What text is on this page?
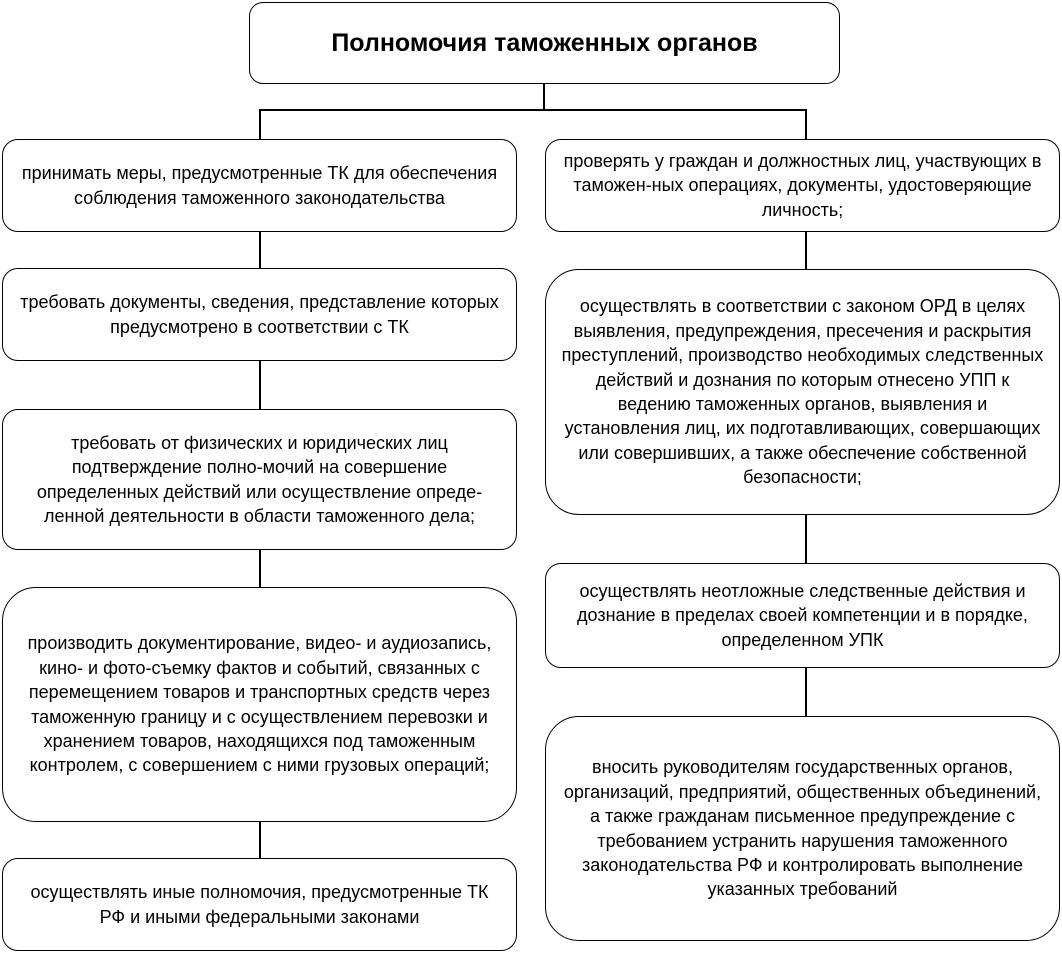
Полномочия таможенных органов
принимать меры, предусмотренные ТК для обеспечения соблюдения таможенного законодательства
требовать документы, сведения, представление которых предусмотрено в соответствии с ТК
требовать от физических и юридических лиц подтверждение полно-мочий на совершение определенных действий или осуществление опреде-ленной деятельности в области таможенного дела;
производить документирование, видео- и аудиозапись, кино- и фото-съемку фактов и событий, связанных с перемещением товаров и транспортных средств через таможенную границу и с осуществлением перевозки и хранением товаров, находящихся под таможенным контролем, с совершением с ними грузовых операций;
осуществлять иные полномочия, предусмотренные ТК РФ и иными федеральными законами
проверять у граждан и должностных лиц, участвующих в таможен-ных операциях, документы, удостоверяющие личность;
осуществлять в соответствии с законом ОРД в целях выявления, предупреждения, пресечения и раскрытия преступлений, производство необходимых следственных действий и дознания по которым отнесено УПП к ведению таможенных органов, выявления и установления лиц, их подготавливающих, совершающих или совершивших, а также обеспечение собственной безопасности;
осуществлять неотложные следственные действия и дознание в пределах своей компетенции и в порядке, определенном УПК
вносить руководителям государственных органов, организаций, предприятий, общественных объединений, а также гражданам письменное предупреждение с требованием устранить нарушения таможенного законодательства РФ и контролировать выполнение указанных требований
